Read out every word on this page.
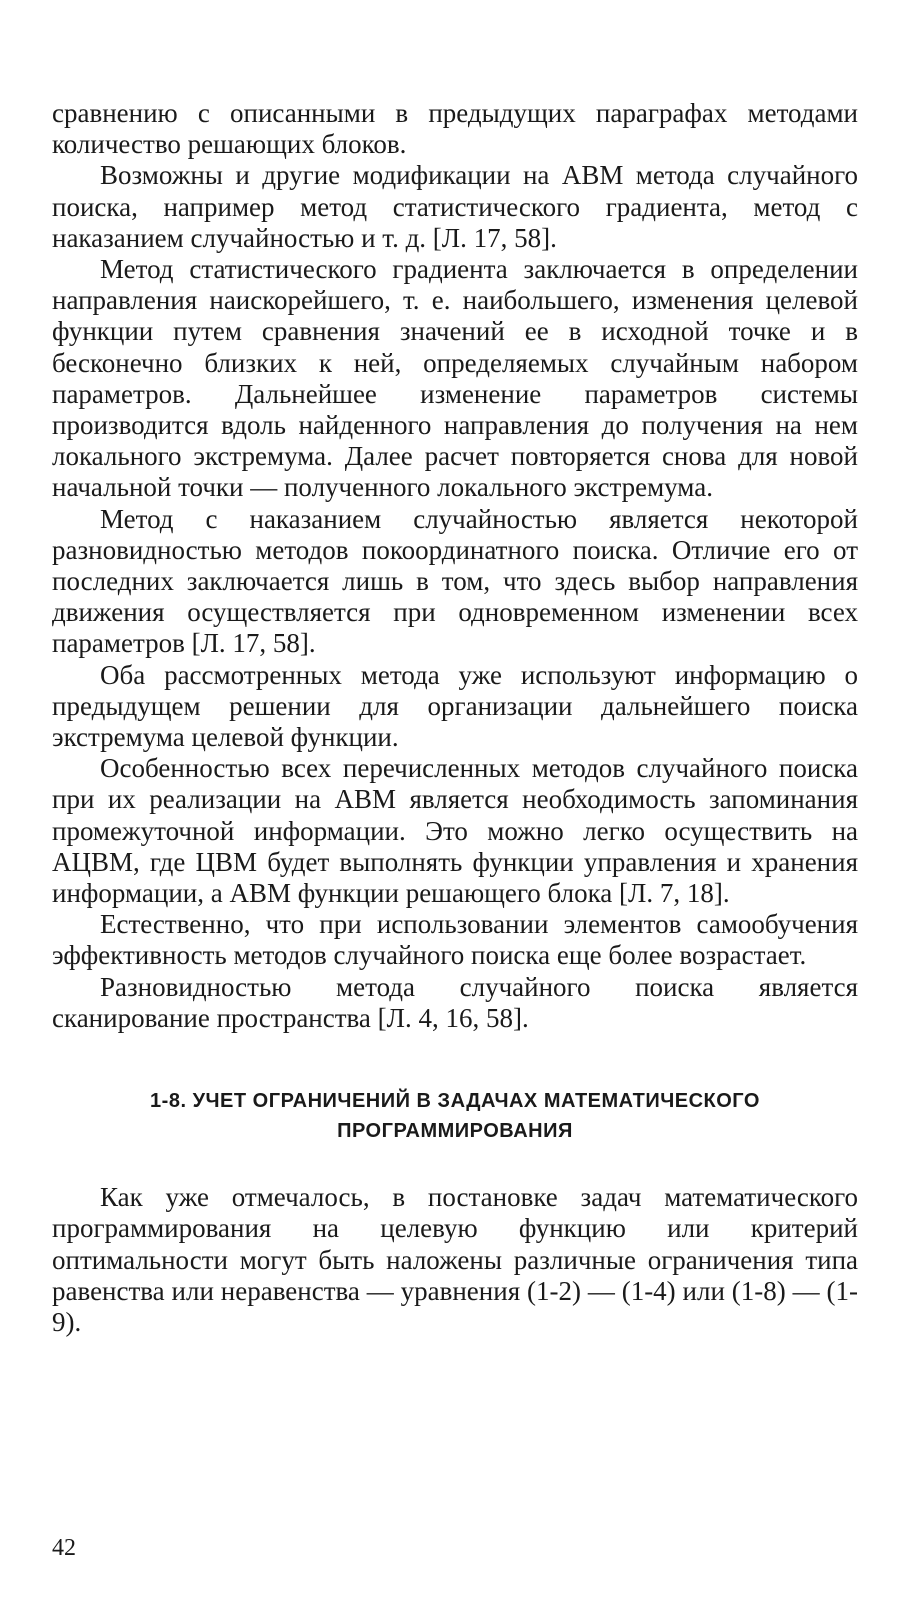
сравнению с описанными в предыдущих параграфах методами количество решающих блоков.

Возможны и другие модификации на АВМ метода случайного поиска, например метод статистического градиента, метод с наказанием случайностью и т. д. [Л. 17, 58].

Метод статистического градиента заключается в определении направления наискорейшего, т. е. наибольшего, изменения целевой функции путем сравнения значений ее в исходной точке и в бесконечно близких к ней, определяемых случайным набором параметров. Дальнейшее изменение параметров системы производится вдоль найденного направления до получения на нем локального экстремума. Далее расчет повторяется снова для новой начальной точки — полученного локального экстремума.

Метод с наказанием случайностью является некоторой разновидностью методов покоординатного поиска. Отличие его от последних заключается лишь в том, что здесь выбор направления движения осуществляется при одновременном изменении всех параметров [Л. 17, 58].

Оба рассмотренных метода уже используют информацию о предыдущем решении для организации дальнейшего поиска экстремума целевой функции.

Особенностью всех перечисленных методов случайного поиска при их реализации на АВМ является необходимость запоминания промежуточной информации. Это можно легко осуществить на АЦВМ, где ЦВМ будет выполнять функции управления и хранения информации, а АВМ функции решающего блока [Л. 7, 18].

Естественно, что при использовании элементов самообучения эффективность методов случайного поиска еще более возрастает.

Разновидностью метода случайного поиска является сканирование пространства [Л. 4, 16, 58].

1-8. УЧЕТ ОГРАНИЧЕНИЙ В ЗАДАЧАХ МАТЕМАТИЧЕСКОГО
ПРОГРАММИРОВАНИЯ

Как уже отмечалось, в постановке задач математического программирования на целевую функцию или критерий оптимальности могут быть наложены различные ограничения типа равенства или неравенства — уравнения (1-2) — (1-4) или (1-8) — (1-9).

42
